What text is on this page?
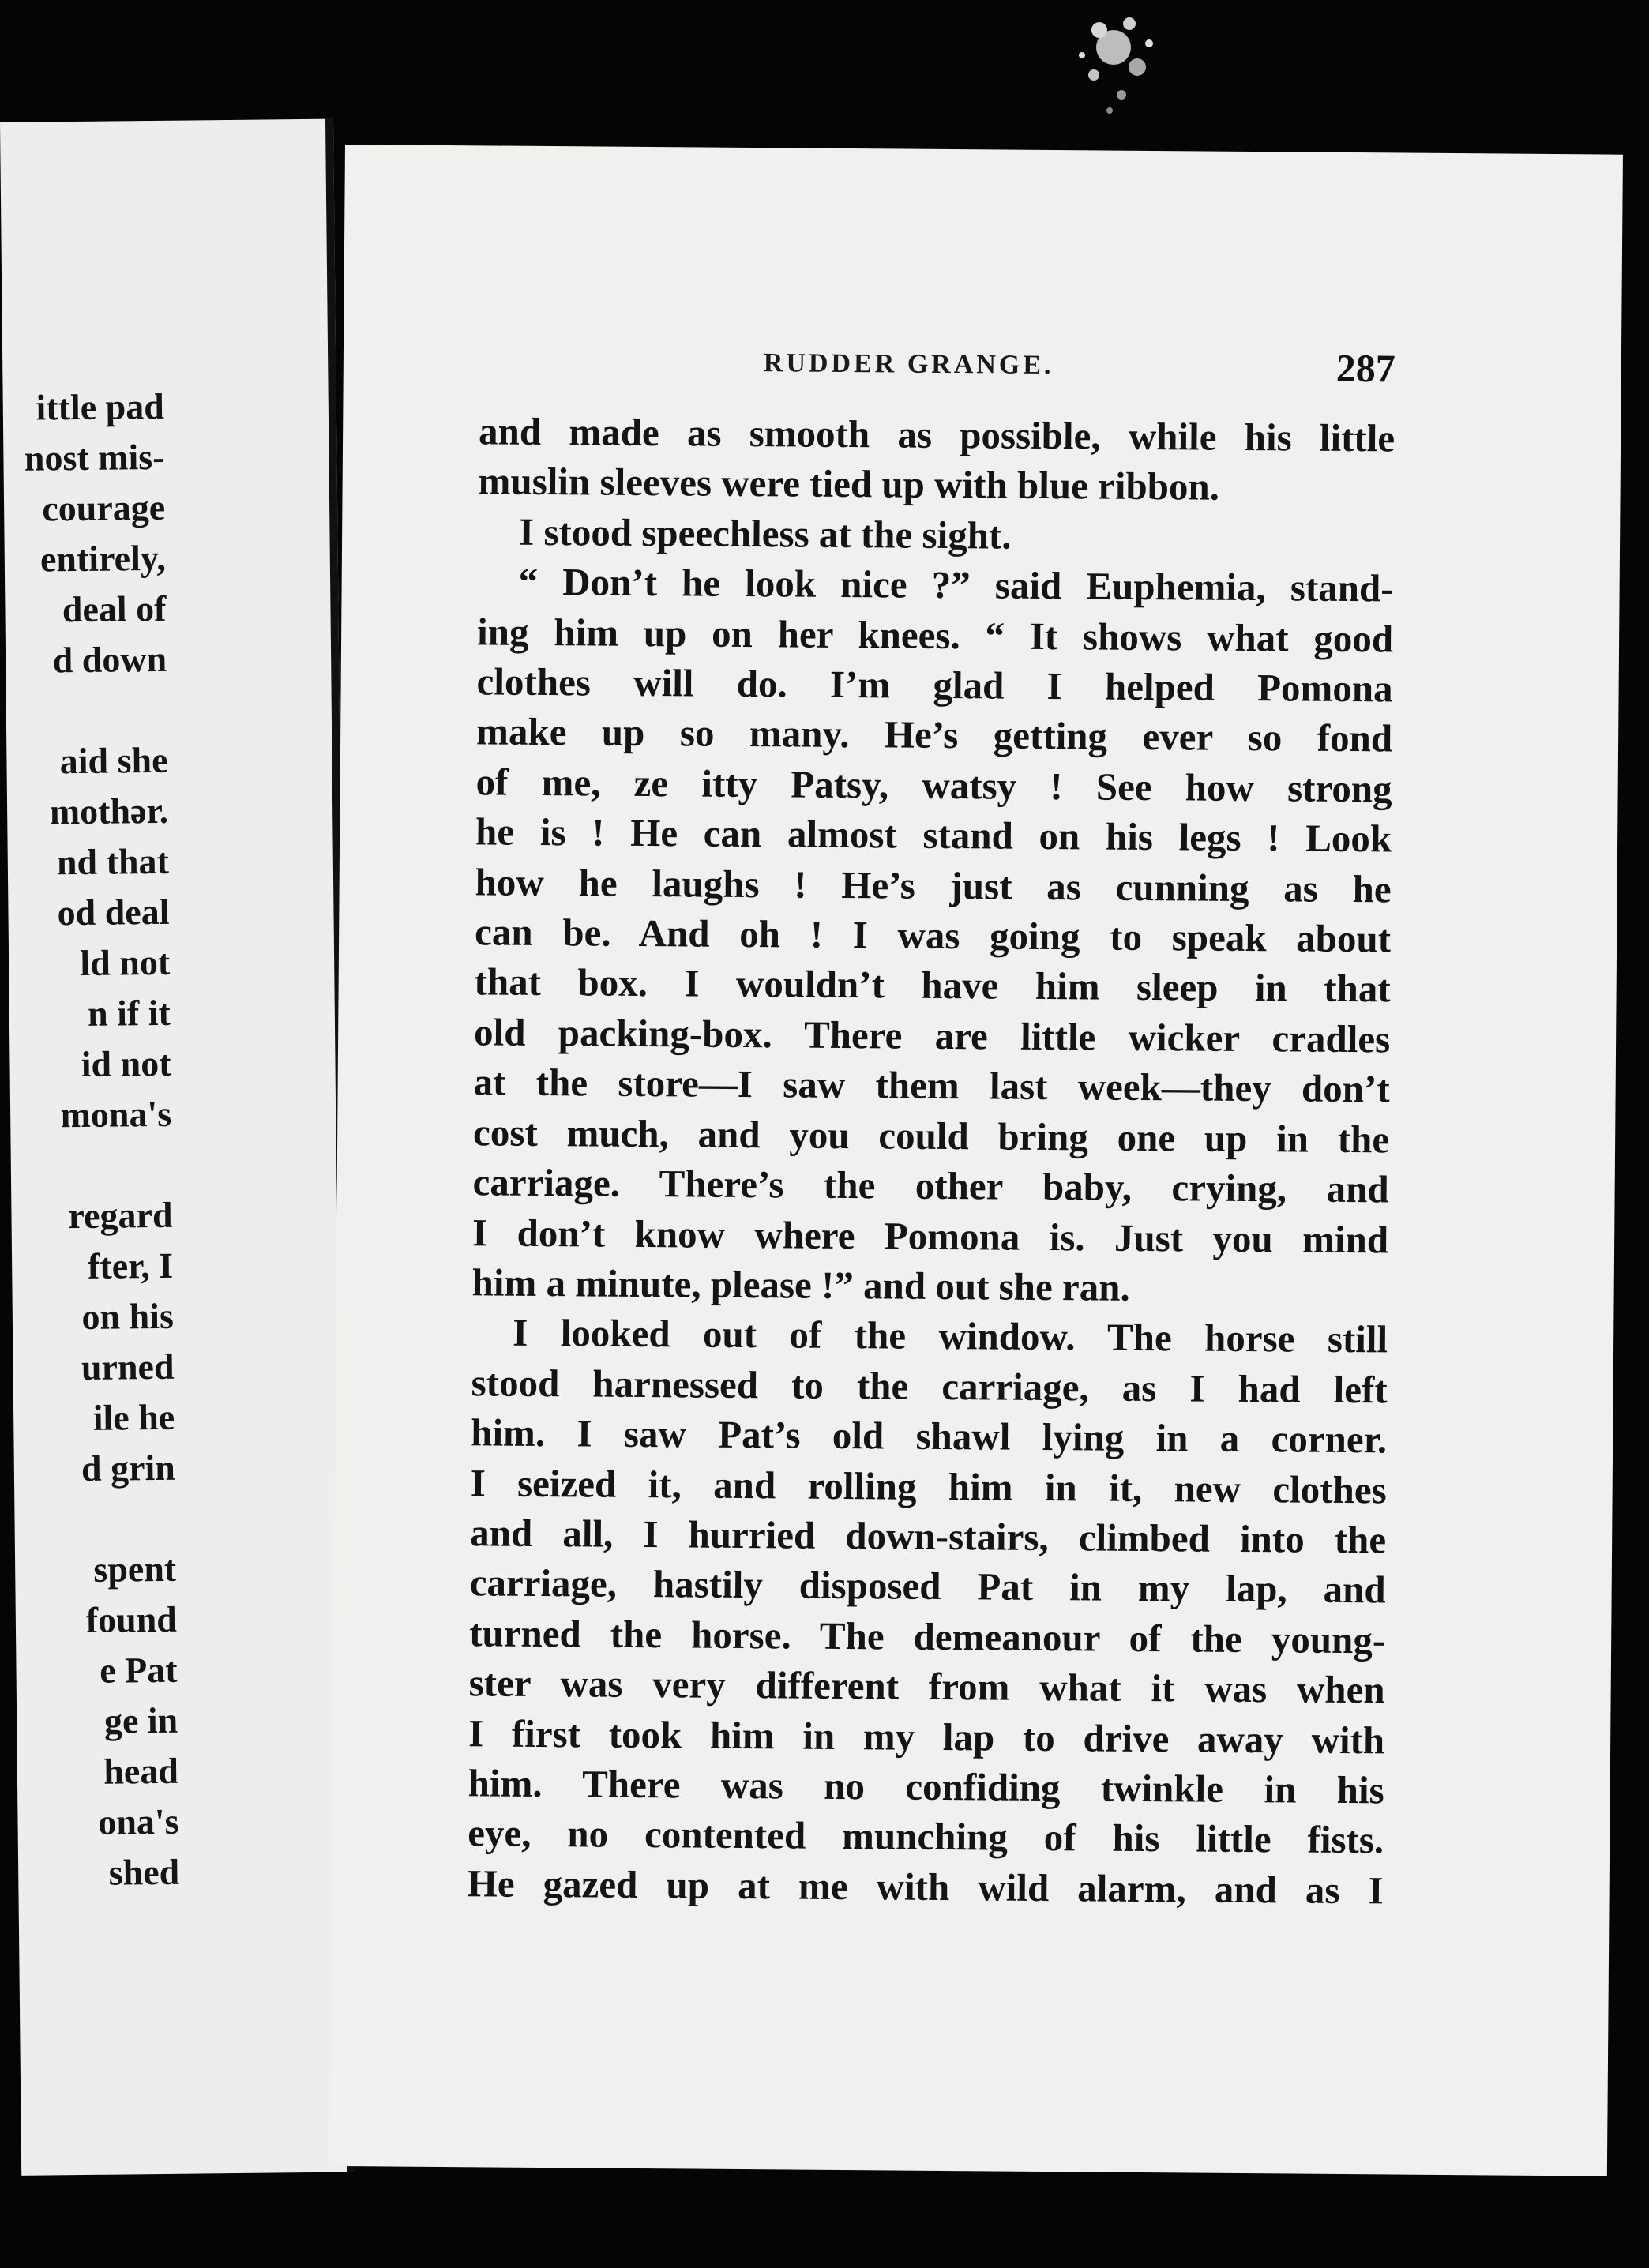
ittle pad
nost mis-
courage
entirely,
deal of
d down
aid she
mothər.
nd that
od deal
ld not
n if it
id not
mona's
regard
fter, I
on his
urned
ile he
d grin
spent
found
e Pat
ge in
head
ona's
shed
RUDDER GRANGE.	287
and made as smooth as possible, while his little
muslin sleeves were tied up with blue ribbon.
I stood speechless at the sight.
“ Don’t he look nice ?” said Euphemia, stand-
ing him up on her knees. “ It shows what good
clothes will do. I’m glad I helped Pomona
make up so many. He’s getting ever so fond
of me, ze itty Patsy, watsy ! See how strong
he is ! He can almost stand on his legs ! Look
how he laughs ! He’s just as cunning as he
can be. And oh ! I was going to speak about
that box. I wouldn’t have him sleep in that
old packing-box. There are little wicker cradles
at the store—I saw them last week—they don’t
cost much, and you could bring one up in the
carriage. There’s the other baby, crying, and
I don’t know where Pomona is. Just you mind
him a minute, please !” and out she ran.
I looked out of the window. The horse still
stood harnessed to the carriage, as I had left
him. I saw Pat’s old shawl lying in a corner.
I seized it, and rolling him in it, new clothes
and all, I hurried down-stairs, climbed into the
carriage, hastily disposed Pat in my lap, and
turned the horse. The demeanour of the young-
ster was very different from what it was when
I first took him in my lap to drive away with
him. There was no confiding twinkle in his
eye, no contented munching of his little fists.
He gazed up at me with wild alarm, and as I
